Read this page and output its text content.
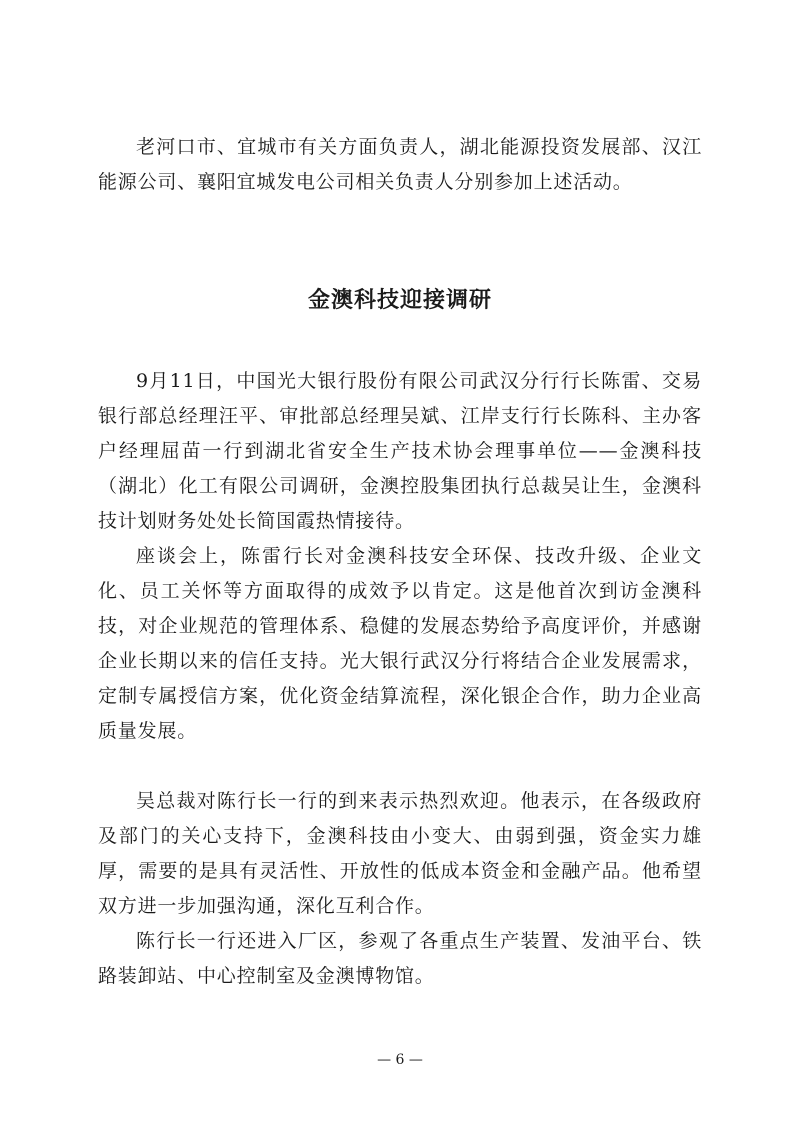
老河口市、宜城市有关方面负责人，湖北能源投资发展部、汉江能源公司、襄阳宜城发电公司相关负责人分别参加上述活动。

金澳科技迎接调研

9月11日，中国光大银行股份有限公司武汉分行行长陈雷、交易银行部总经理汪平、审批部总经理吴斌、江岸支行行长陈科、主办客户经理屈苗一行到湖北省安全生产技术协会理事单位——金澳科技（湖北）化工有限公司调研，金澳控股集团执行总裁吴让生，金澳科技计划财务处处长简国霞热情接待。

座谈会上，陈雷行长对金澳科技安全环保、技改升级、企业文化、员工关怀等方面取得的成效予以肯定。这是他首次到访金澳科技，对企业规范的管理体系、稳健的发展态势给予高度评价，并感谢企业长期以来的信任支持。光大银行武汉分行将结合企业发展需求，定制专属授信方案，优化资金结算流程，深化银企合作，助力企业高质量发展。

吴总裁对陈行长一行的到来表示热烈欢迎。他表示，在各级政府及部门的关心支持下，金澳科技由小变大、由弱到强，资金实力雄厚，需要的是具有灵活性、开放性的低成本资金和金融产品。他希望双方进一步加强沟通，深化互利合作。

陈行长一行还进入厂区，参观了各重点生产装置、发油平台、铁路装卸站、中心控制室及金澳博物馆。

— 6 —
